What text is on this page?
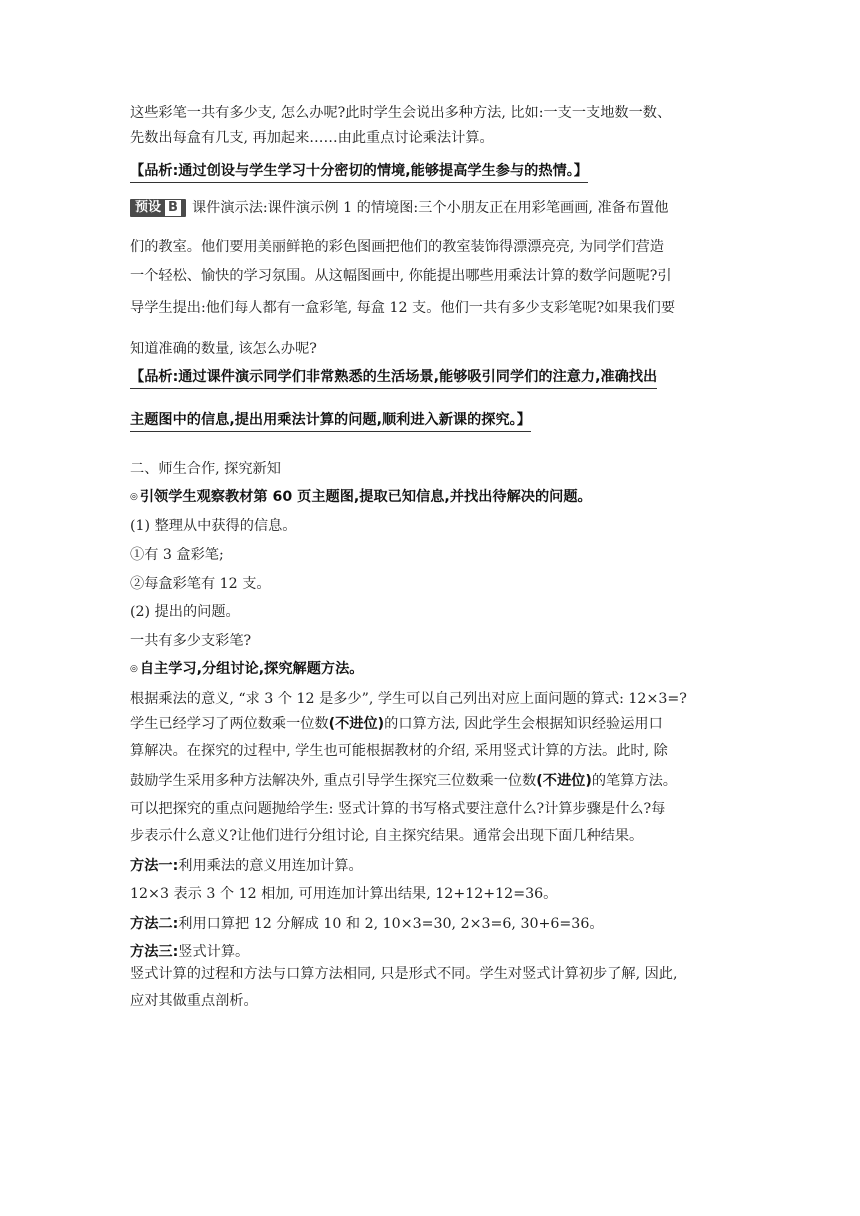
这些彩笔一共有多少支, 怎么办呢?此时学生会说出多种方法, 比如:一支一支地数一数、
先数出每盒有几支, 再加起来……由此重点讨论乘法计算。
【品析:通过创设与学生学习十分密切的情境,能够提高学生参与的热情。】
预设 B 课件演示法:课件演示例 1 的情境图:三个小朋友正在用彩笔画画, 准备布置他
们的教室。他们要用美丽鲜艳的彩色图画把他们的教室装饰得漂漂亮亮, 为同学们营造
一个轻松、愉快的学习氛围。从这幅图画中, 你能提出哪些用乘法计算的数学问题呢?引
导学生提出:他们每人都有一盒彩笔, 每盒 12 支。他们一共有多少支彩笔呢?如果我们要
知道准确的数量, 该怎么办呢?
【品析:通过课件演示同学们非常熟悉的生活场景,能够吸引同学们的注意力,准确找出
主题图中的信息,提出用乘法计算的问题,顺利进入新课的探究。】
二、师生合作, 探究新知
◎ 引领学生观察教材第 60 页主题图,提取已知信息,并找出待解决的问题。
(1) 整理从中获得的信息。
①有 3 盒彩笔;
②每盒彩笔有 12 支。
(2) 提出的问题。
一共有多少支彩笔?
◎ 自主学习,分组讨论,探究解题方法。
根据乘法的意义, “求 3 个 12 是多少”, 学生可以自己列出对应上面问题的算式: 12×3=?
学生已经学习了两位数乘一位数(不进位)的口算方法, 因此学生会根据知识经验运用口
算解决。在探究的过程中, 学生也可能根据教材的介绍, 采用竖式计算的方法。此时, 除
鼓励学生采用多种方法解决外, 重点引导学生探究三位数乘一位数(不进位)的笔算方法。
可以把探究的重点问题抛给学生: 竖式计算的书写格式要注意什么?计算步骤是什么?每
步表示什么意义?让他们进行分组讨论, 自主探究结果。通常会出现下面几种结果。
方法一:利用乘法的意义用连加计算。
12×3 表示 3 个 12 相加, 可用连加计算出结果, 12+12+12=36。
方法二:利用口算把 12 分解成 10 和 2, 10×3=30, 2×3=6, 30+6=36。
方法三:竖式计算。
竖式计算的过程和方法与口算方法相同, 只是形式不同。学生对竖式计算初步了解, 因此,
应对其做重点剖析。
